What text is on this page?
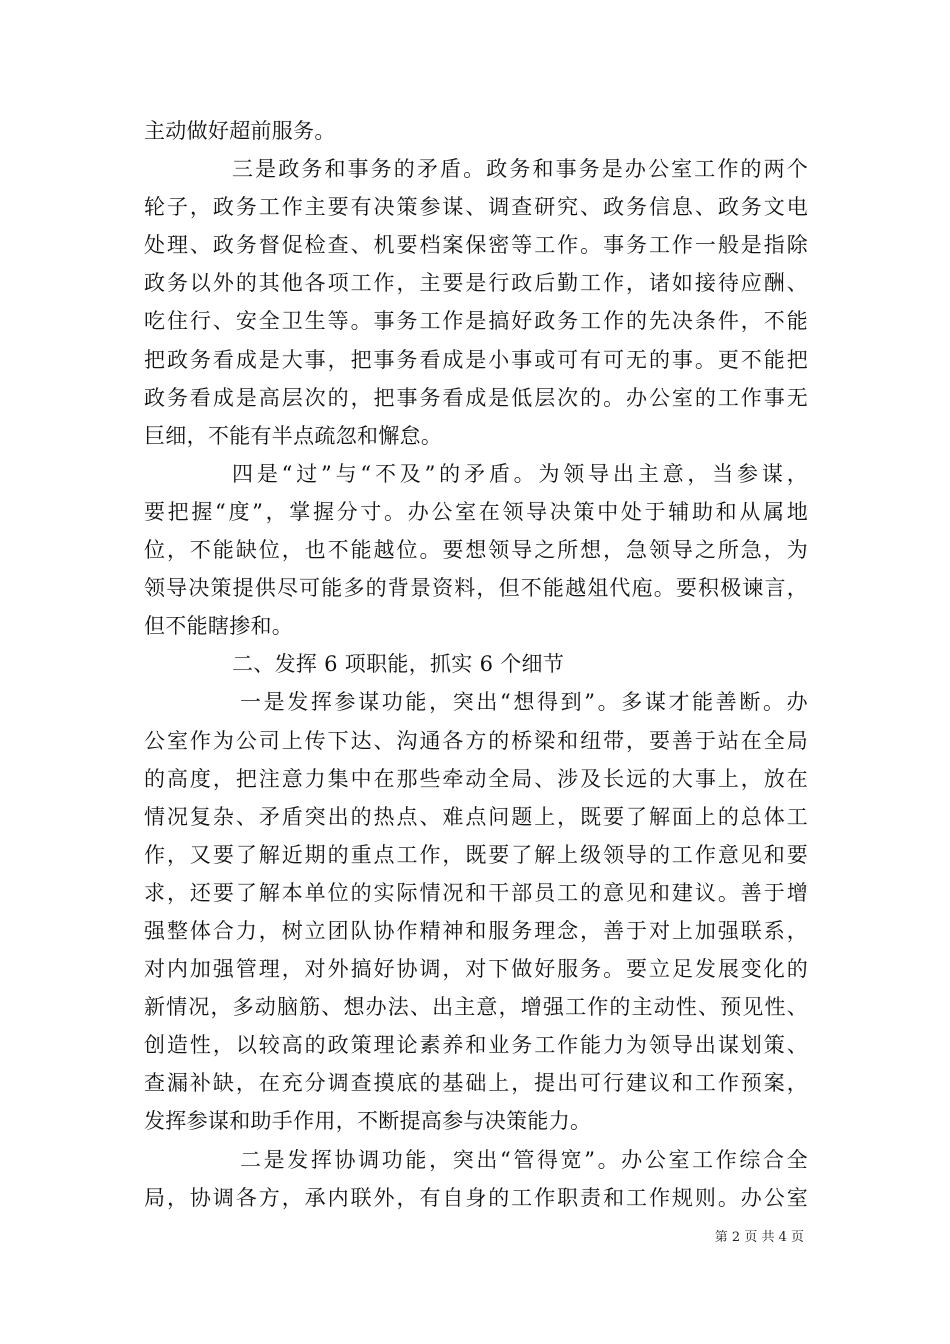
主动做好超前服务。
三是政务和事务的矛盾。政务和事务是办公室工作的两个
轮子，政务工作主要有决策参谋、调查研究、政务信息、政务文电
处理、政务督促检查、机要档案保密等工作。事务工作一般是指除
政务以外的其他各项工作，主要是行政后勤工作，诸如接待应酬、
吃住行、安全卫生等。事务工作是搞好政务工作的先决条件，不能
把政务看成是大事，把事务看成是小事或可有可无的事。更不能把
政务看成是高层次的，把事务看成是低层次的。办公室的工作事无
巨细，不能有半点疏忽和懈怠。
四是“过”与“不及”的矛盾。为领导出主意，当参谋，
要把握“度”，掌握分寸。办公室在领导决策中处于辅助和从属地
位，不能缺位，也不能越位。要想领导之所想，急领导之所急，为
领导决策提供尽可能多的背景资料，但不能越俎代庖。要积极谏言，
但不能瞎掺和。
二、发挥 6 项职能，抓实 6 个细节
一是发挥参谋功能，突出“想得到”。多谋才能善断。办
公室作为公司上传下达、沟通各方的桥梁和纽带，要善于站在全局
的高度，把注意力集中在那些牵动全局、涉及长远的大事上，放在
情况复杂、矛盾突出的热点、难点问题上，既要了解面上的总体工
作，又要了解近期的重点工作，既要了解上级领导的工作意见和要
求，还要了解本单位的实际情况和干部员工的意见和建议。善于增
强整体合力，树立团队协作精神和服务理念，善于对上加强联系，
对内加强管理，对外搞好协调，对下做好服务。要立足发展变化的
新情况，多动脑筋、想办法、出主意，增强工作的主动性、预见性、
创造性，以较高的政策理论素养和业务工作能力为领导出谋划策、
查漏补缺，在充分调查摸底的基础上，提出可行建议和工作预案，
发挥参谋和助手作用，不断提高参与决策能力。
二是发挥协调功能，突出“管得宽”。办公室工作综合全
局，协调各方，承内联外，有自身的工作职责和工作规则。办公室
第 2 页 共 4 页
